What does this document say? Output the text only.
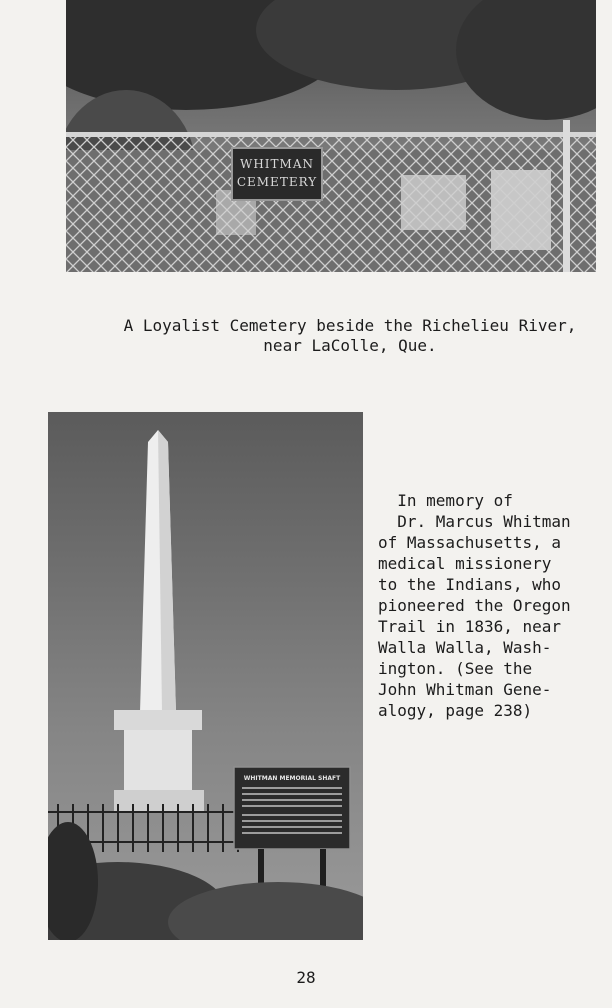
WHITMAN
CEMETERY
A Loyalist Cemetery beside the Richelieu River,
near LaColle, Que.
WHITMAN MEMORIAL SHAFT
In memory of
Dr. Marcus Whitman
of Massachusetts, a
medical missionery
to the Indians, who
pioneered the Oregon
Trail in 1836, near
Walla Walla, Wash-
ington. (See the
John Whitman Gene-
alogy, page 238)
28
